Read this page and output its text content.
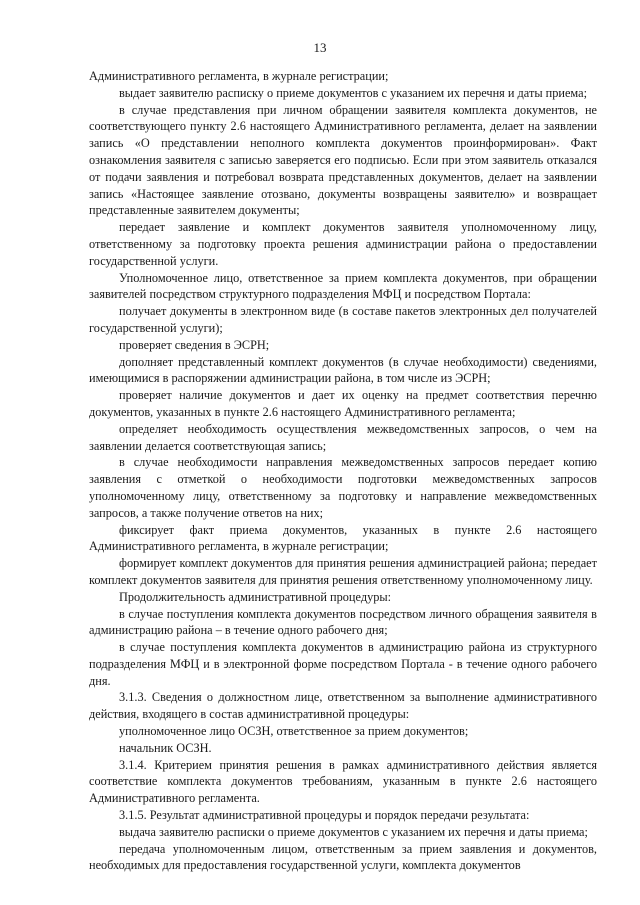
13

Административного регламента, в журнале регистрации;

выдает заявителю расписку о приеме документов с указанием их перечня и даты приема;

в случае представления при личном обращении заявителя комплекта документов, не соответствующего пункту 2.6 настоящего Административного регламента, делает на заявлении запись «О представлении неполного комплекта документов проинформирован». Факт ознакомления заявителя с записью заверяется его подписью. Если при этом заявитель отказался от подачи заявления и потребовал возврата представленных документов, делает на заявлении запись «Настоящее заявление отозвано, документы возвращены заявителю» и возвращает представленные заявителем документы;

передает заявление и комплект документов заявителя уполномоченному лицу, ответственному за подготовку проекта решения администрации района о предоставлении государственной услуги.

Уполномоченное лицо, ответственное за прием комплекта документов, при обращении заявителей посредством структурного подразделения МФЦ и посредством Портала:

получает документы в электронном виде (в составе пакетов электронных дел получателей государственной услуги);

проверяет сведения в ЭСРН;

дополняет представленный комплект документов (в случае необходимости) сведениями, имеющимися в распоряжении администрации района, в том числе из ЭСРН;

проверяет наличие документов и дает их оценку на предмет соответствия перечню документов, указанных в пункте 2.6 настоящего Административного регламента;

определяет необходимость осуществления межведомственных запросов, о чем на заявлении делается соответствующая запись;

в случае необходимости направления межведомственных запросов передает копию заявления с отметкой о необходимости подготовки межведомственных запросов уполномоченному лицу, ответственному за подготовку и направление межведомственных запросов, а также получение ответов на них;

фиксирует факт приема документов, указанных в пункте 2.6 настоящего Административного регламента, в журнале регистрации;

формирует комплект документов для принятия решения администрацией района; передает комплект документов заявителя для принятия решения ответственному уполномоченному лицу.

Продолжительность административной процедуры:

в случае поступления комплекта документов посредством личного обращения заявителя в администрацию района – в течение одного рабочего дня;

в случае поступления комплекта документов в администрацию района из структурного подразделения МФЦ и в электронной форме посредством Портала - в течение одного рабочего дня.

3.1.3. Сведения о должностном лице, ответственном за выполнение административного действия, входящего в состав административной процедуры:

уполномоченное лицо ОСЗН, ответственное за прием документов;

начальник ОСЗН.

3.1.4. Критерием принятия решения в рамках административного действия является соответствие комплекта документов требованиям, указанным в пункте 2.6 настоящего Административного регламента.

3.1.5. Результат административной процедуры и порядок передачи результата:

выдача заявителю расписки о приеме документов с указанием их перечня и даты приема;

передача уполномоченным лицом, ответственным за прием заявления и документов, необходимых для предоставления государственной услуги, комплекта документов
